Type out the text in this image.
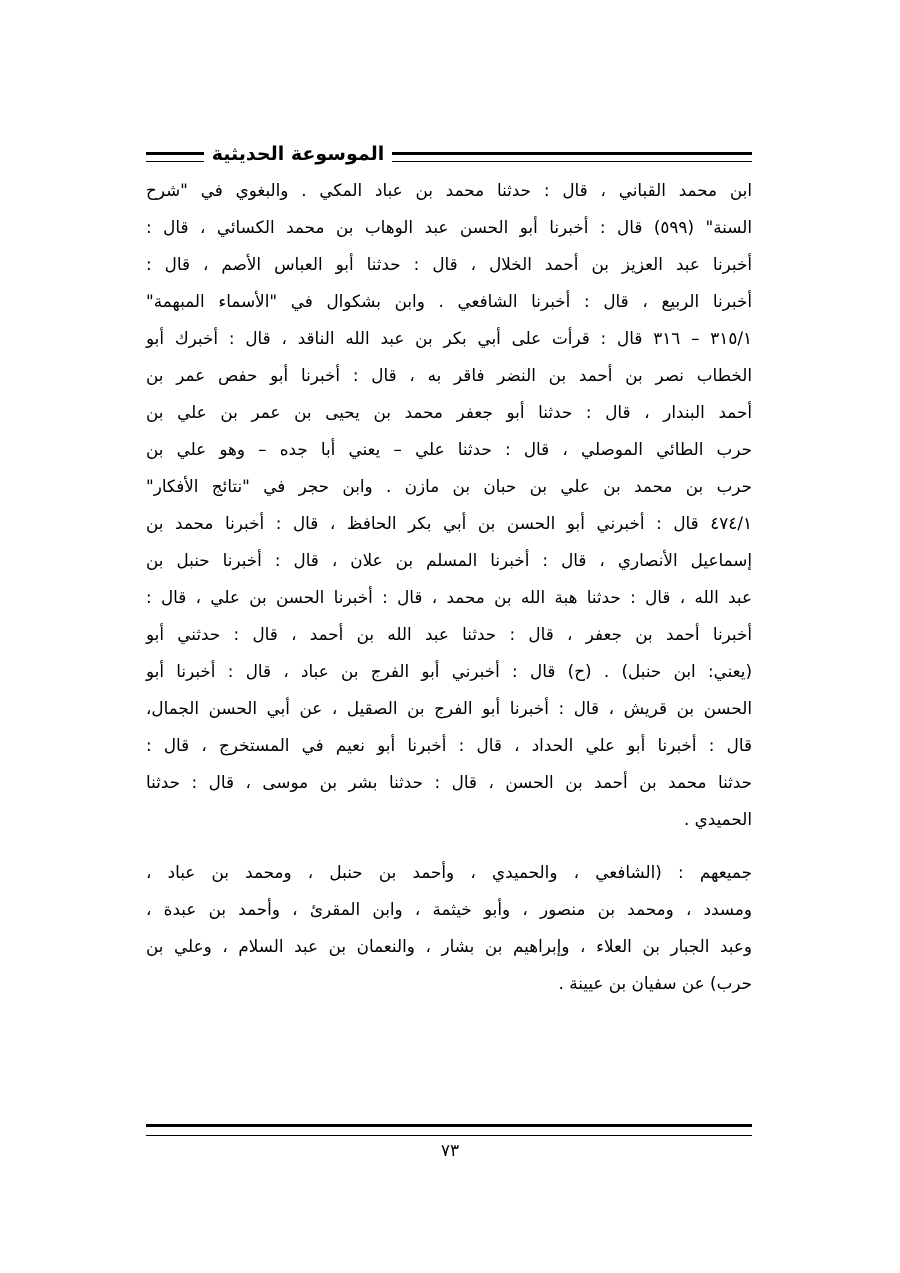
الموسوعة الحديثية
ابن محمد القباني ، قال : حدثنا محمد بن عباد المكي . والبغوي في "شرح
السنة" (٥٩٩) قال : أخبرنا أبو الحسن عبد الوهاب بن محمد الكسائي ، قال :
أخبرنا عبد العزيز بن أحمد الخلال ، قال : حدثنا أبو العباس الأصم ، قال :
أخبرنا الربيع ، قال : أخبرنا الشافعي . وابن بشكوال في "الأسماء المبهمة"
٣١٥/١ – ٣١٦ قال : قرأت على أبي بكر بن عبد الله الناقد ، قال : أخبرك أبو
الخطاب نصر بن أحمد بن النضر فاقر به ، قال : أخبرنا أبو حفص عمر بن
أحمد البندار ، قال : حدثنا أبو جعفر محمد بن يحيى بن عمر بن علي بن
حرب الطائي الموصلي ، قال : حدثنا علي – يعني أبا جده – وهو علي بن
حرب بن محمد بن علي بن حبان بن مازن . وابن حجر في "نتائج الأفكار"
٤٧٤/١ قال : أخبرني أبو الحسن بن أبي بكر الحافظ ، قال : أخبرنا محمد بن
إسماعيل الأنصاري ، قال : أخبرنا المسلم بن علان ، قال : أخبرنا حنبل بن
عبد الله ، قال : حدثنا هبة الله بن محمد ، قال : أخبرنا الحسن بن علي ، قال :
أخبرنا أحمد بن جعفر ، قال : حدثنا عبد الله بن أحمد ، قال : حدثني أبو
(يعني: ابن حنبل) . (ح) قال : أخبرني أبو الفرج بن عباد ، قال : أخبرنا أبو
الحسن بن قريش ، قال : أخبرنا أبو الفرج بن الصقيل ، عن أبي الحسن الجمال،
قال : أخبرنا أبو علي الحداد ، قال : أخبرنا أبو نعيم في المستخرج ، قال :
حدثنا محمد بن أحمد بن الحسن ، قال : حدثنا بشر بن موسى ، قال : حدثنا
الحميدي .
جميعهم : (الشافعي ، والحميدي ، وأحمد بن حنبل ، ومحمد بن عباد ،
ومسدد ، ومحمد بن منصور ، وأبو خيثمة ، وابن المقرئ ، وأحمد بن عبدة ،
وعبد الجبار بن العلاء ، وإبراهيم بن بشار ، والنعمان بن عبد السلام ، وعلي بن
حرب) عن سفيان بن عيينة .
٧٣
